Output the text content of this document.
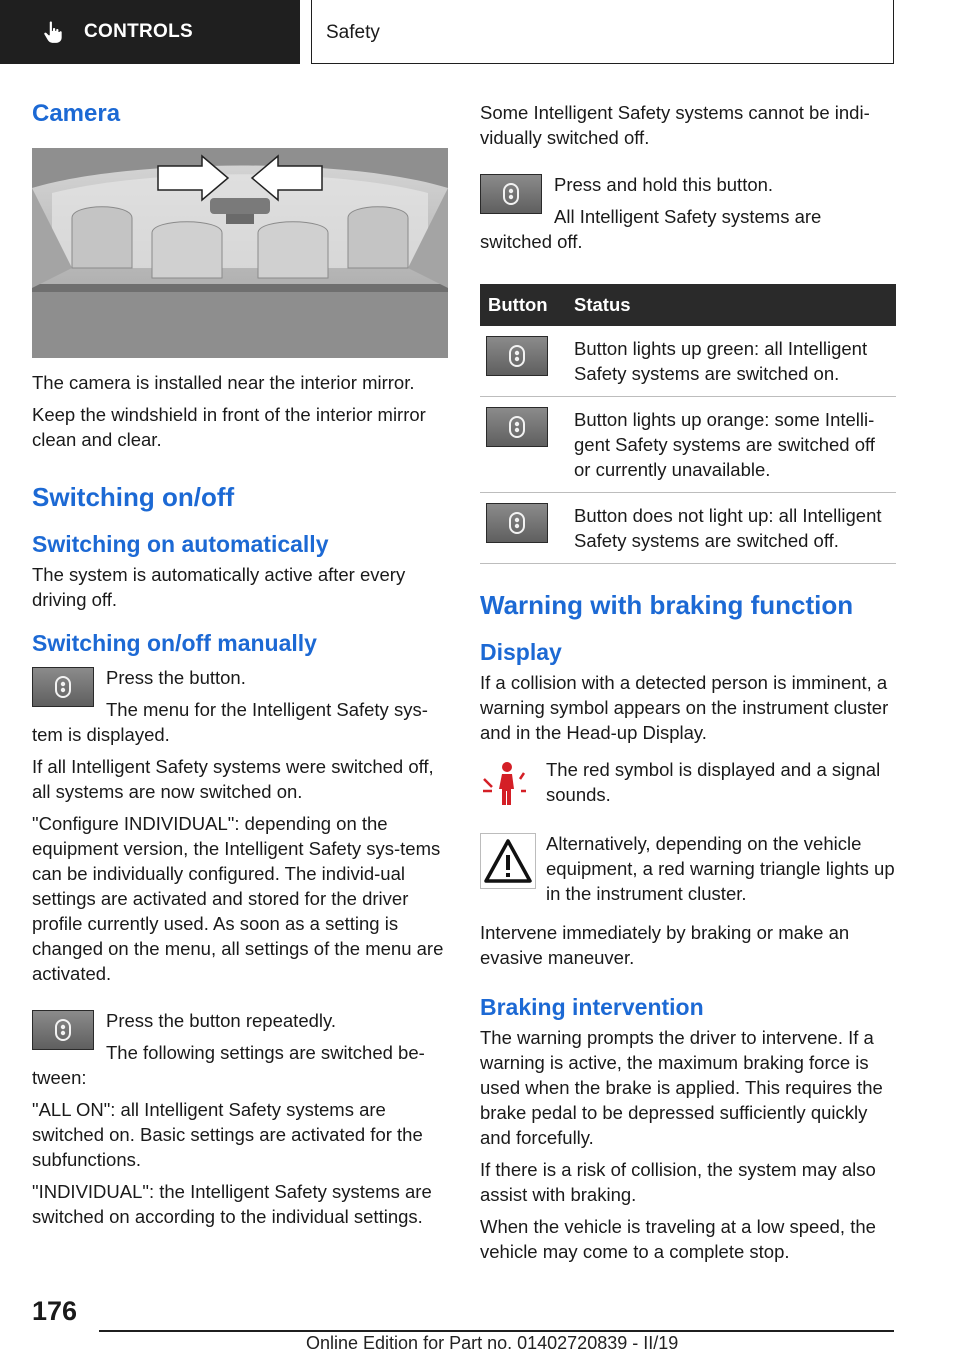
CONTROLS	Safety
Camera

The camera is installed near the interior mirror.

Keep the windshield in front of the interior mirror clean and clear.

Switching on/off
Switching on automatically

The system is automatically active after every driving off.

Switching on/off manually

Press the button.

The menu for the Intelligent Safety sys-

tem is displayed.

If all Intelligent Safety systems were switched off, all systems are now switched on.

"Configure INDIVIDUAL": depending on the equipment version, the Intelligent Safety sys-tems can be individually configured. The individ-ual settings are activated and stored for the driver profile currently used. As soon as a setting is changed on the menu, all settings of the menu are activated.

Press the button repeatedly.

The following settings are switched be-

tween:

"ALL ON": all Intelligent Safety systems are switched on. Basic settings are activated for the subfunctions.

"INDIVIDUAL": the Intelligent Safety systems are switched on according to the individual settings.

Some Intelligent Safety systems cannot be indi-vidually switched off.

Press and hold this button.

All Intelligent Safety systems are

switched off.

Button	Status

	Button lights up green: all Intelligent Safety systems are switched on.

	Button lights up orange: some Intelli-gent Safety systems are switched off or currently unavailable.

	Button does not light up: all Intelligent Safety systems are switched off.
Warning with braking function
Display

If a collision with a detected person is imminent, a warning symbol appears on the instrument cluster and in the Head-up Display.

The red symbol is displayed and a signal sounds.

Alternatively, depending on the vehicle equipment, a red warning triangle lights up in the instrument cluster.

Intervene immediately by braking or make an evasive maneuver.

Braking intervention

The warning prompts the driver to intervene. If a warning is active, the maximum braking force is used when the brake is applied. This requires the brake pedal to be depressed sufficiently quickly and forcefully.

If there is a risk of collision, the system may also assist with braking.

When the vehicle is traveling at a low speed, the vehicle may come to a complete stop.

176
Online Edition for Part no. 01402720839 - II/19
